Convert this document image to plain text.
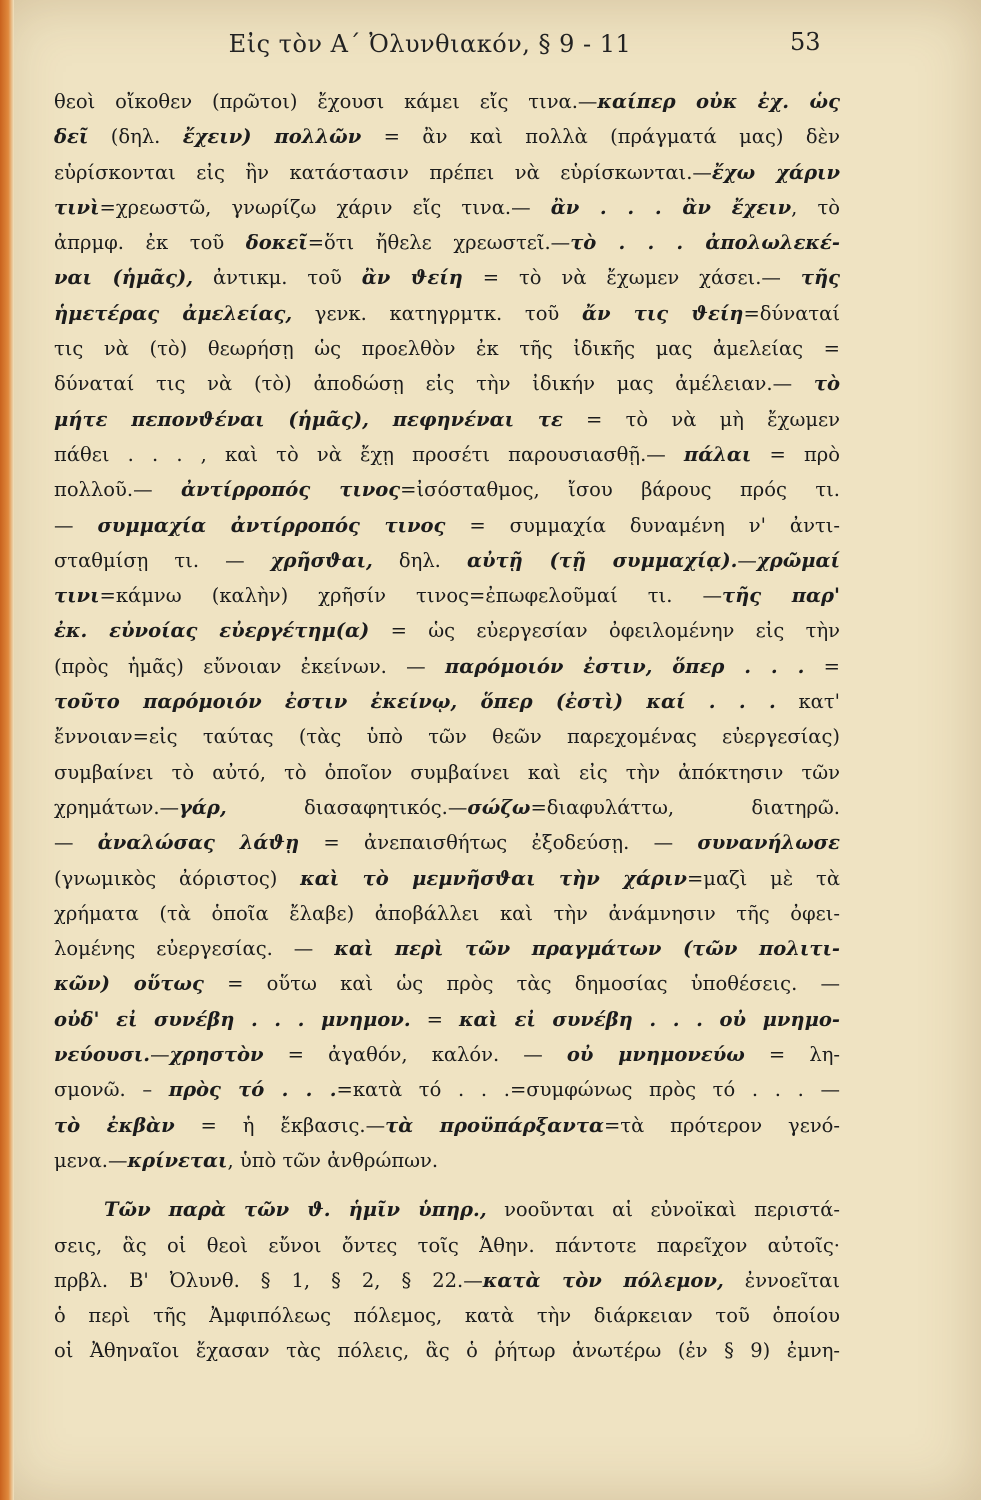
Εἰς τὸν Α΄ Ὀλυνθιακόν, § 9 - 11	53
θεοὶ οἴκοθεν (πρῶτοι) ἔχουσι κάμει εἴς τινα.—καίπερ οὐκ ἐχ. ὡς
δεῖ (δηλ. ἔχειν) πολλῶν = ἂν καὶ πολλὰ (πράγματά μας) δὲν
εὑρίσκονται εἰς ἣν κατάστασιν πρέπει νὰ εὑρίσκωνται.—ἔχω χάριν
τινὶ=χρεωστῶ, γνωρίζω χάριν εἴς τινα.— ἂν . . . ἂν ἔχειν, τὸ
ἀπρμφ. ἐκ τοῦ δοκεῖ=ὅτι ἤθελε χρεωστεῖ.—τὸ . . . ἀπολωλεκέ-
ναι (ἡμᾶς), ἀντικμ. τοῦ ἂν ϑείη = τὸ νὰ ἔχωμεν χάσει.— τῆς
ἡμετέρας ἀμελείας, γενκ. κατηγρμτκ. τοῦ ἄν τις ϑείη=δύναταί
τις νὰ (τὸ) θεωρήσῃ ὡς προελθὸν ἐκ τῆς ἰδικῆς μας ἀμελείας =
δύναταί τις νὰ (τὸ) ἀποδώσῃ εἰς τὴν ἰδικήν μας ἀμέλειαν.— τὸ
μήτε πεπονϑέναι (ἡμᾶς), πεφηνέναι τε = τὸ νὰ μὴ ἔχωμεν
πάθει . . . , καὶ τὸ νὰ ἔχῃ προσέτι παρουσιασθῇ.— πάλαι = πρὸ
πολλοῦ.— ἀντίρροπός τινος=ἰσόσταθμος, ἴσου βάρους πρός τι.
— συμμαχία ἀντίρροπός τινος = συμμαχία δυναμένη ν' ἀντι-
σταθμίσῃ τι. — χρῆσϑαι, δηλ. αὐτῇ (τῇ συμμαχίᾳ).—χρῶμαί
τινι=κάμνω (καλὴν) χρῆσίν τινος=ἐπωφελοῦμαί τι. —τῆς παρ'
ἐκ. εὐνοίας εὐεργέτημ(α) = ὡς εὐεργεσίαν ὀφειλομένην εἰς τὴν
(πρὸς ἡμᾶς) εὔνοιαν ἐκείνων. — παρόμοιόν ἐστιν, ὅπερ . . . =
τοῦτο παρόμοιόν ἐστιν ἐκείνῳ, ὅπερ (ἐστὶ) καί . . . κατ'
ἔννοιαν=εἰς ταύτας (τὰς ὑπὸ τῶν θεῶν παρεχομένας εὐεργεσίας)
συμβαίνει τὸ αὐτό, τὸ ὁποῖον συμβαίνει καὶ εἰς τὴν ἀπόκτησιν τῶν
χρημάτων.—γάρ, διασαφητικός.—σώζω=διαφυλάττω, διατηρῶ.
— ἀναλώσας λάϑῃ = ἀνεπαισθήτως ἐξοδεύσῃ. — συνανήλωσε
(γνωμικὸς ἀόριστος) καὶ τὸ μεμνῆσϑαι τὴν χάριν=μαζὶ μὲ τὰ
χρήματα (τὰ ὁποῖα ἔλαβε) ἀποβάλλει καὶ τὴν ἀνάμνησιν τῆς ὀφει-
λομένης εὐεργεσίας. — καὶ περὶ τῶν πραγμάτων (τῶν πολιτι-
κῶν) οὕτως = οὕτω καὶ ὡς πρὸς τὰς δημοσίας ὑποθέσεις. —
οὐδ' εἰ συνέβη . . . μνημον. = καὶ εἰ συνέβη . . . οὐ μνημο-
νεύουσι.—χρηστὸν = ἀγαθόν, καλόν. — οὐ μνημονεύω = λη-
σμονῶ. – πρὸς τό . . .=κατὰ τό . . .=συμφώνως πρὸς τό . . . —
τὸ ἐκβὰν = ἡ ἔκβασις.—τὰ προϋπάρξαντα=τὰ πρότερον γενό-
μενα.—κρίνεται, ὑπὸ τῶν ἀνθρώπων.
Τῶν παρὰ τῶν ϑ. ἡμῖν ὑπηρ., νοοῦνται αἱ εὐνοϊκαὶ περιστά-
σεις, ἃς οἱ θεοὶ εὔνοι ὄντες τοῖς Ἀθην. πάντοτε παρεῖχον αὐτοῖς·
πρβλ. Β' Ὀλυνθ. § 1, § 2, § 22.—κατὰ τὸν πόλεμον, ἐννοεῖται
ὁ περὶ τῆς Ἀμφιπόλεως πόλεμος, κατὰ τὴν διάρκειαν τοῦ ὁποίου
οἱ Ἀθηναῖοι ἔχασαν τὰς πόλεις, ἃς ὁ ῥήτωρ ἀνωτέρω (ἐν § 9) ἐμνη-
